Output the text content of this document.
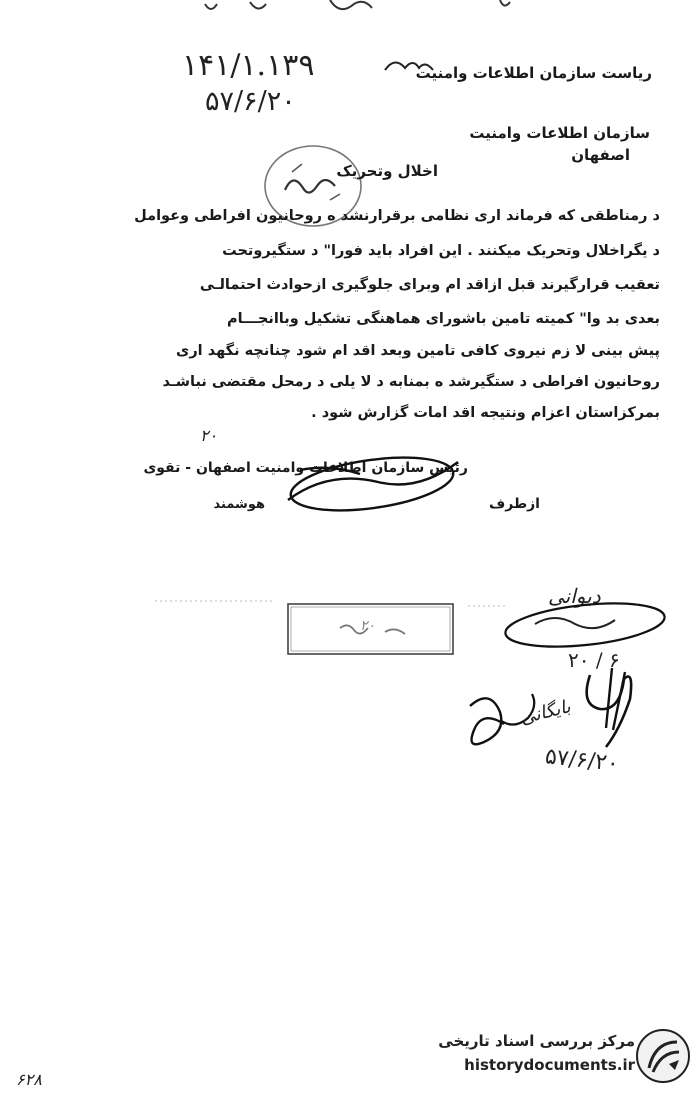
ریاست سازمان اطلاعات وامنیت
۱۴۱/۱.۱۳۹
۵۷/۶/۲۰
سازمان اطلاعات وامنیت
اصفهان
اخلال وتحریک
د رمناطقی که فرماند اری نظامی برقرارنشد ه روحانیون افراطی وعوامل
د یگراخلال وتحریک میکنند . این افراد باید فورا" د ستگیروتحت
تعقیب قرارگیرند قبل ازاقد ام وبرای جلوگیری ازحوادث احتمالـی
بعدی بد وا" کمیته تامین باشورای هماهنگی تشکیل وباانجـــام
پیش بینی لا زم نیروی کافی تامین وبعد اقد ام شود چنانچه نگهد اری
روحانیون افراطی د ستگیرشد ه بمنابه د لا یلی د رمحل مقتضی نباشـد
بمرکزاستان اعزام ونتیجه اقد امات گزارش شود .
۲۰
رئیس سازمان اطلاعات وامنیت اصفهان - تقوی
ازطرف
هوشمند
۲۰
دیوانی
۲۰ / ۶
بایگانی
۵۷/۶/۲۰
۶۲۸
مرکز بررسی اسناد تاریخی
historydocuments.ir
